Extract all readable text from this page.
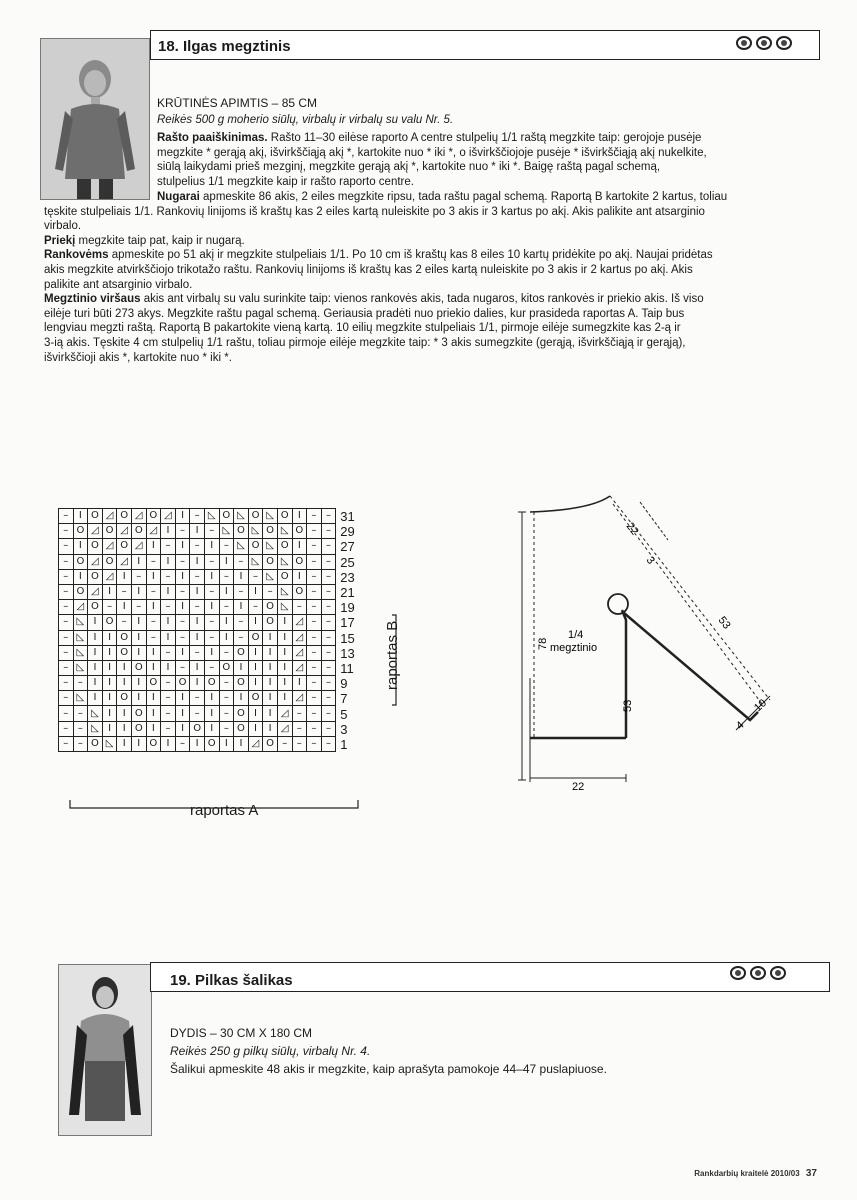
18. Ilgas megztinis
KRŪTINĖS APIMTIS – 85 CM
Reikės 500 g moherio siūlų, virbalų ir virbalų su valu Nr. 5.

Rašto paaiškinimas. Rašto 11–30 eilėse raporto A centre stulpelių 1/1 raštą megzkite taip: gerojoje pusėje

megzkite * gerąją akį, išvirkščiąją akį *, kartokite nuo * iki *, o išvirkščiojoje pusėje * išvirkščiąją akį nukelkite,

siūlą laikydami prieš mezginį, megzkite gerąją akį *, kartokite nuo * iki *. Baigę raštą pagal schemą,

stulpelius 1/1 megzkite kaip ir rašto raporto centre.

Nugarai apmeskite 86 akis, 2 eiles megzkite ripsu, tada raštu pagal schemą. Raportą B kartokite 2 kartus, toliau

tęskite stulpeliais 1/1. Rankovių linijoms iš kraštų kas 2 eiles kartą nuleiskite po 3 akis ir 3 kartus po akį. Akis palikite ant atsarginio

virbalo.

Priekį megzkite taip pat, kaip ir nugarą.

Rankovėms apmeskite po 51 akį ir megzkite stulpeliais 1/1. Po 10 cm iš kraštų kas 8 eiles 10 kartų pridėkite po akį. Naujai pridėtas

akis megzkite atvirkščiojo trikotažo raštu. Rankovių linijoms iš kraštų kas 2 eiles kartą nuleiskite po 3 akis ir 2 kartus po akį. Akis

palikite ant atsarginio virbalo.

Megztinio viršaus akis ant virbalų su valu surinkite taip: vienos rankovės akis, tada nugaros, kitos rankovės ir priekio akis. Iš viso

eilėje turi būti 273 akys. Megzkite raštu pagal schemą. Geriausia pradėti nuo priekio dalies, kur prasideda raportas A. Taip bus

lengviau megzti raštą. Raportą B pakartokite vieną kartą. 10 eilių megzkite stulpeliais 1/1, pirmoje eilėje sumegzkite kas 2-ą ir

3-ią akis. Tęskite 4 cm stulpelių 1/1 raštu, toliau pirmoje eilėje megzkite taip: * 3 akis sumegzkite (gerąją, išvirkščiąją ir gerąją),

išvirkščioji akis *, kartokite nuo * iki *.

–	I	O	◿	O	◿	O	◿	I	–	◺	O	◺	O	◺	O	I	–	–
–	O	◿	O	◿	O	◿	I	–	I	–	◺	O	◺	O	◺	O	–	–
–	I	O	◿	O	◿	I	–	I	–	I	–	◺	O	◺	O	I	–	–
–	O	◿	O	◿	I	–	I	–	I	–	I	–	◺	O	◺	O	–	–
–	I	O	◿	I	–	I	–	I	–	I	–	I	–	◺	O	I	–	–
–	O	◿	I	–	I	–	I	–	I	–	I	–	I	–	◺	O	–	–
–	◿	O	–	I	–	I	–	I	–	I	–	I	–	O	◺	–	–	–
–	◺	I	O	–	I	–	I	–	I	–	I	–	I	O	I	◿	–	–
–	◺	I	I	O	I	–	I	–	I	–	I	–	O	I	I	◿	–	–
–	◺	I	I	O	I	I	–	I	–	I	–	O	I	I	I	◿	–	–
–	◺	I	I	I	O	I	I	–	I	–	O	I	I	I	I	◿	–	–
–	–	I	I	I	I	O	–	O	I	O	–	O	I	I	I	I	–	–
–	◺	I	I	O	I	I	–	I	–	I	–	I	O	I	I	◿	–	–
–	–	◺	I	I	O	I	–	I	–	I	–	O	I	I	◿	–	–	–
–	–	◺	I	I	O	I	–	I	O	I	–	O	I	I	◿	–	–	–
–	–	O	◺	I	I	O	I	–	I	O	I	I	◿	O	–	–	–	–
31
29
27
25
23
21
19
17
15
13
11
9
7
5
3
1
raportas A
raportas B	1/4
megztinio
78
53
22
22
3
53
10
4
19. Pilkas šalikas
DYDIS – 30 CM X 180 CM
Reikės 250 g pilkų siūlų, virbalų Nr. 4.
Šalikui apmeskite 48 akis ir megzkite, kaip aprašyta pamokoje 44–47 puslapiuose.
Rankdarbių kraitelė 2010/03 37
